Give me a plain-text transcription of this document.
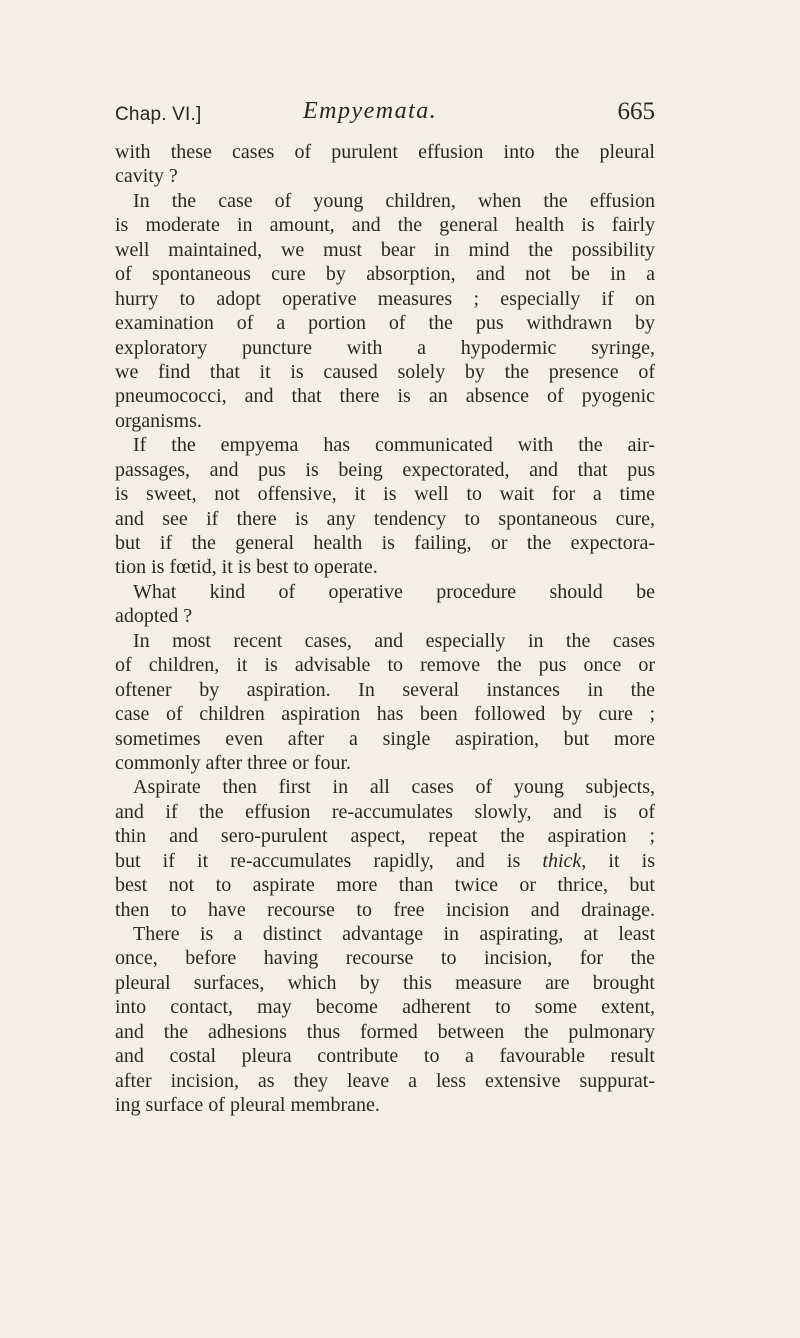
Chap. VI.]	Empyemata.	665
with these cases of purulent effusion into the pleural
cavity ?
In the case of young children, when the effusion
is moderate in amount, and the general health is fairly
well maintained, we must bear in mind the possibility
of spontaneous cure by absorption, and not be in a
hurry to adopt operative measures ; especially if on
examination of a portion of the pus withdrawn by
exploratory puncture with a hypodermic syringe,
we find that it is caused solely by the presence of
pneumococci, and that there is an absence of pyogenic
organisms.
If the empyema has communicated with the air-
passages, and pus is being expectorated, and that pus
is sweet, not offensive, it is well to wait for a time
and see if there is any tendency to spontaneous cure,
but if the general health is failing, or the expectora-
tion is fœtid, it is best to operate.
What kind of operative procedure should be
adopted ?
In most recent cases, and especially in the cases
of children, it is advisable to remove the pus once or
oftener by aspiration. In several instances in the
case of children aspiration has been followed by cure ;
sometimes even after a single aspiration, but more
commonly after three or four.
Aspirate then first in all cases of young subjects,
and if the effusion re-accumulates slowly, and is of
thin and sero-purulent aspect, repeat the aspiration ;
but if it re-accumulates rapidly, and is thick, it is
best not to aspirate more than twice or thrice, but
then to have recourse to free incision and drainage.
There is a distinct advantage in aspirating, at least
once, before having recourse to incision, for the
pleural surfaces, which by this measure are brought
into contact, may become adherent to some extent,
and the adhesions thus formed between the pulmonary
and costal pleura contribute to a favourable result
after incision, as they leave a less extensive suppurat-
ing surface of pleural membrane.
